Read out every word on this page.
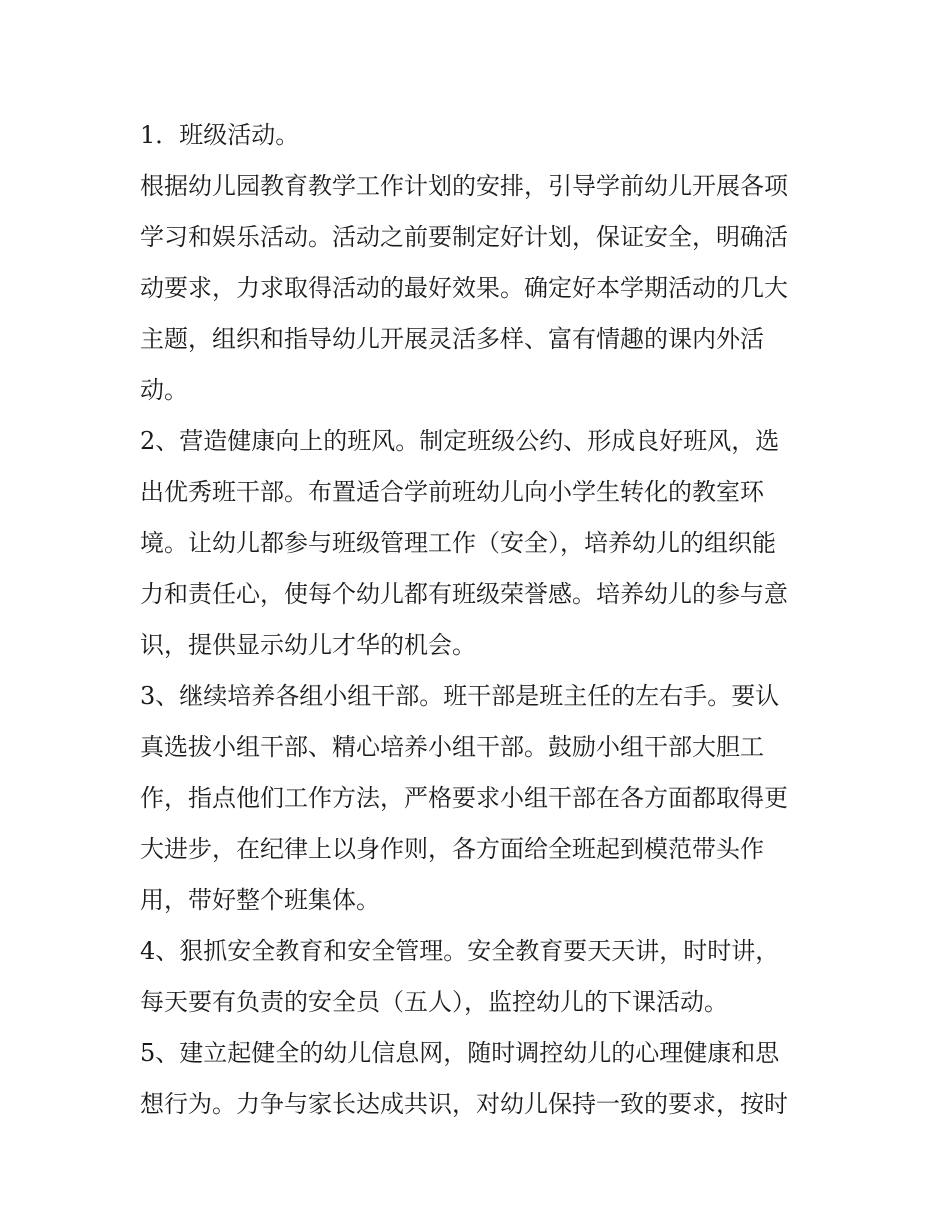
1．班级活动。
根据幼儿园教育教学工作计划的安排，引导学前幼儿开展各项
学习和娱乐活动。活动之前要制定好计划，保证安全，明确活
动要求，力求取得活动的最好效果。确定好本学期活动的几大
主题，组织和指导幼儿开展灵活多样、富有情趣的课内外活
动。
2、营造健康向上的班风。制定班级公约、形成良好班风，选
出优秀班干部。布置适合学前班幼儿向小学生转化的教室环
境。让幼儿都参与班级管理工作（安全），培养幼儿的组织能
力和责任心，使每个幼儿都有班级荣誉感。培养幼儿的参与意
识，提供显示幼儿才华的机会。
3、继续培养各组小组干部。班干部是班主任的左右手。要认
真选拔小组干部、精心培养小组干部。鼓励小组干部大胆工
作，指点他们工作方法，严格要求小组干部在各方面都取得更
大进步，在纪律上以身作则，各方面给全班起到模范带头作
用，带好整个班集体。
4、狠抓安全教育和安全管理。安全教育要天天讲，时时讲，
每天要有负责的安全员（五人），监控幼儿的下课活动。
5、建立起健全的幼儿信息网，随时调控幼儿的心理健康和思
想行为。力争与家长达成共识，对幼儿保持一致的要求，按时
